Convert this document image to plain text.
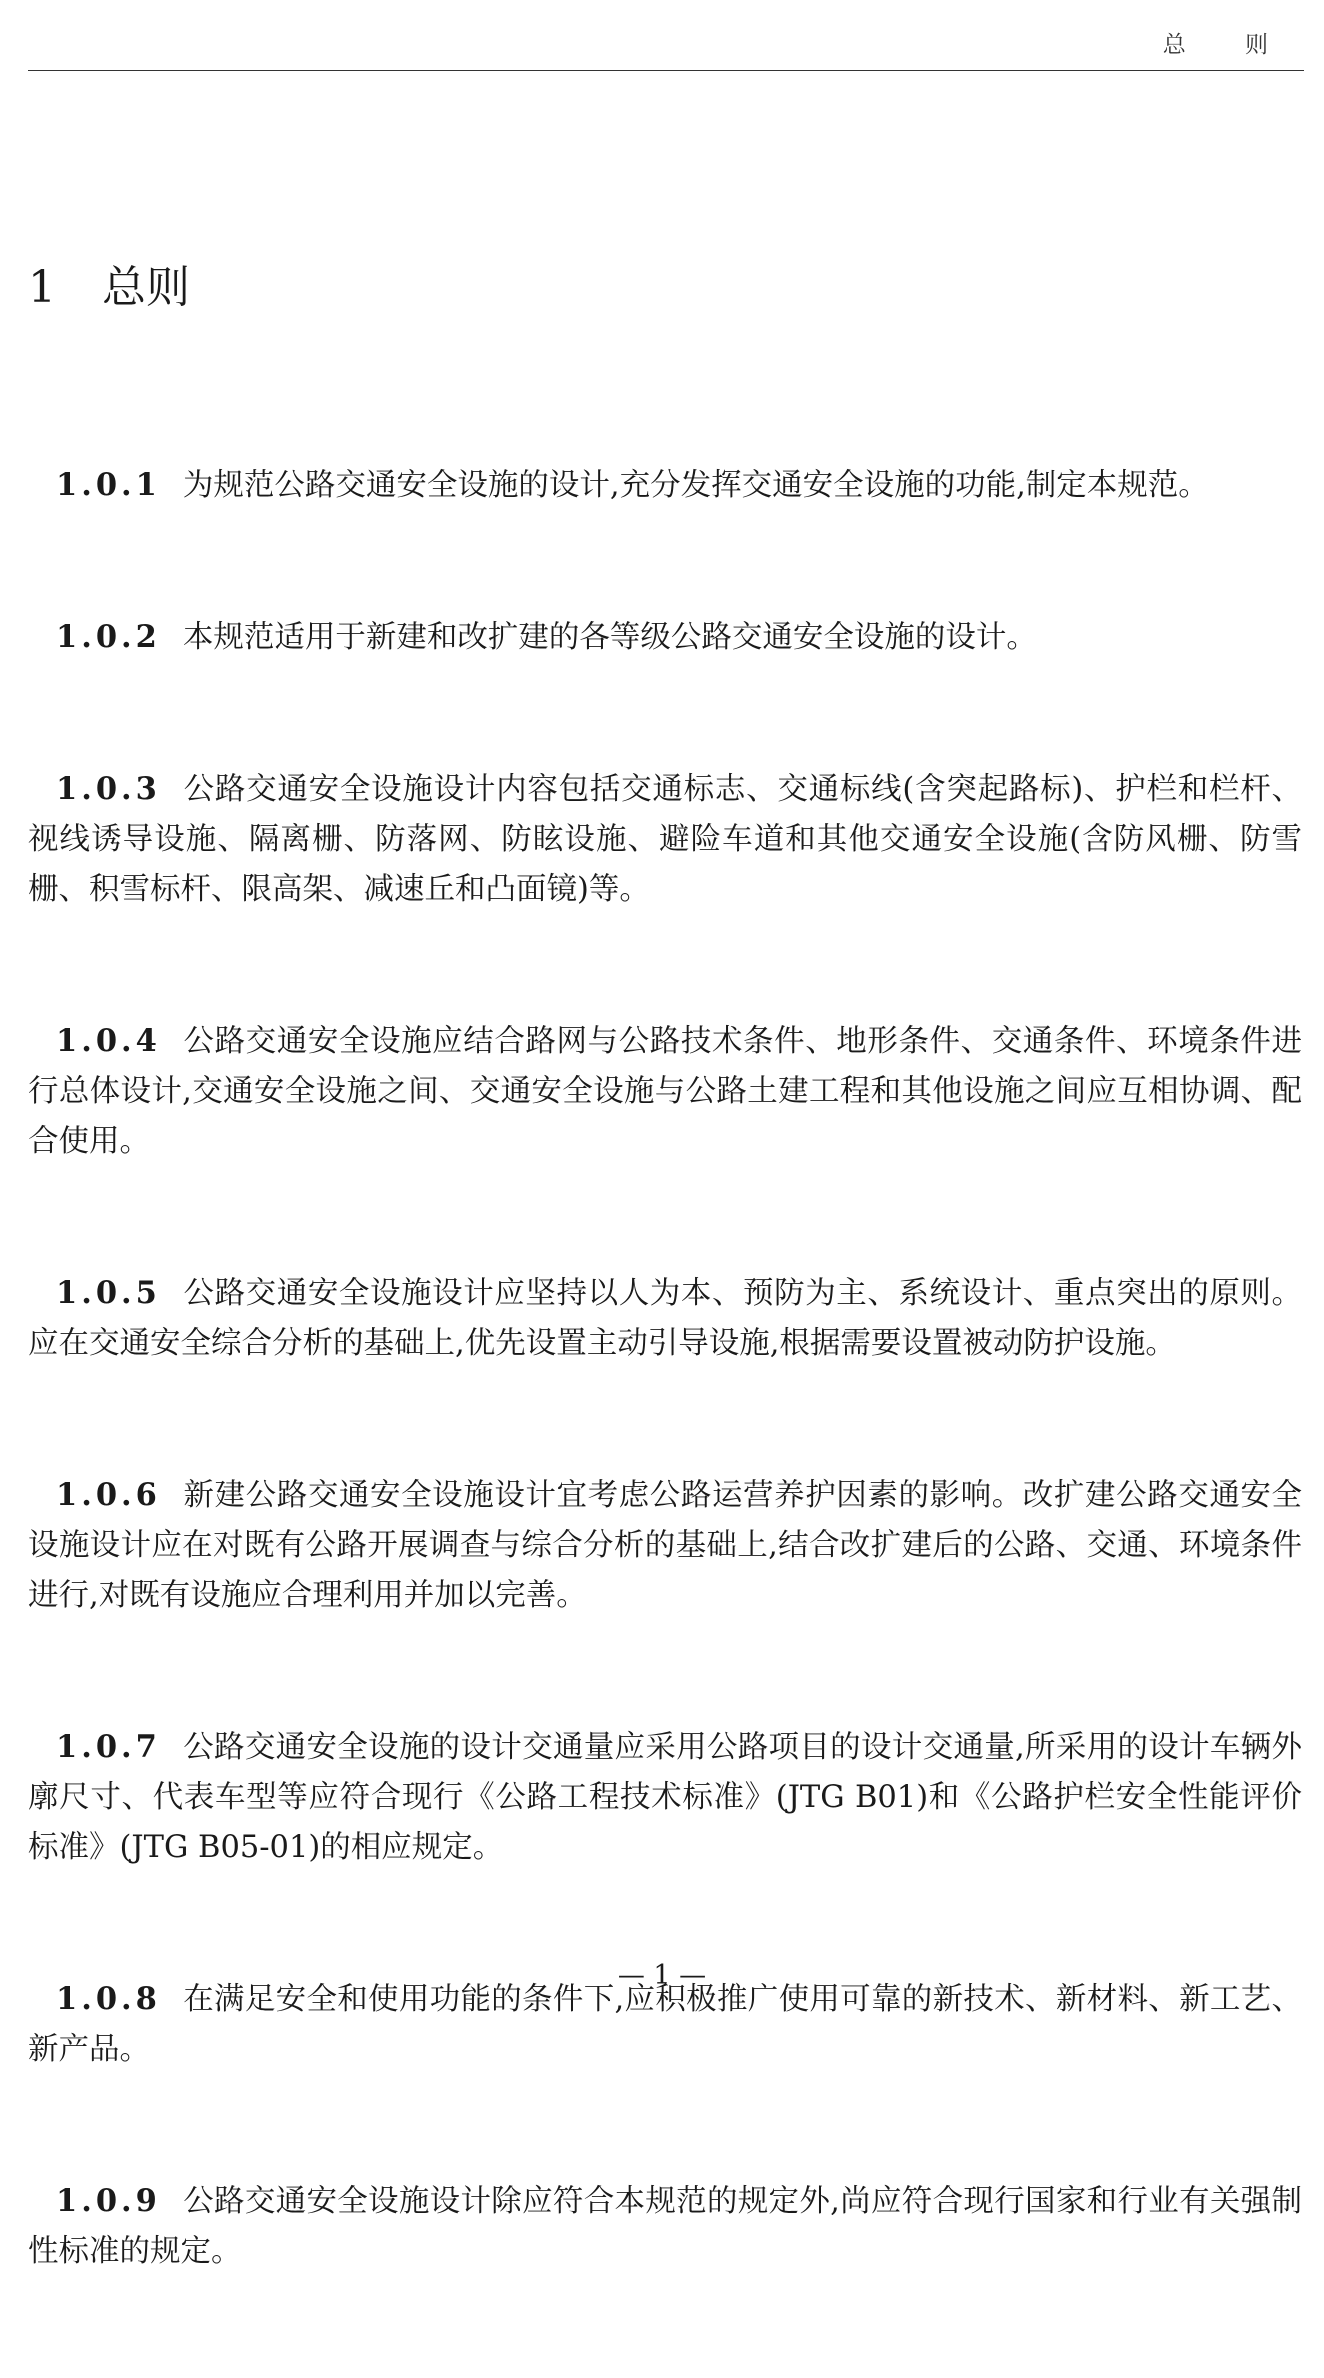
总 则
1 总则

1.0.1 为规范公路交通安全设施的设计,充分发挥交通安全设施的功能,制定本规范。

1.0.2 本规范适用于新建和改扩建的各等级公路交通安全设施的设计。

1.0.3 公路交通安全设施设计内容包括交通标志、交通标线(含突起路标)、护栏和栏杆、视线诱导设施、隔离栅、防落网、防眩设施、避险车道和其他交通安全设施(含防风栅、防雪栅、积雪标杆、限高架、减速丘和凸面镜)等。

1.0.4 公路交通安全设施应结合路网与公路技术条件、地形条件、交通条件、环境条件进行总体设计,交通安全设施之间、交通安全设施与公路土建工程和其他设施之间应互相协调、配合使用。

1.0.5 公路交通安全设施设计应坚持以人为本、预防为主、系统设计、重点突出的原则。应在交通安全综合分析的基础上,优先设置主动引导设施,根据需要设置被动防护设施。

1.0.6 新建公路交通安全设施设计宜考虑公路运营养护因素的影响。改扩建公路交通安全设施设计应在对既有公路开展调查与综合分析的基础上,结合改扩建后的公路、交通、环境条件进行,对既有设施应合理利用并加以完善。

1.0.7 公路交通安全设施的设计交通量应采用公路项目的设计交通量,所采用的设计车辆外廓尺寸、代表车型等应符合现行《公路工程技术标准》(JTG B01)和《公路护栏安全性能评价标准》(JTG B05-01)的相应规定。

1.0.8 在满足安全和使用功能的条件下,应积极推广使用可靠的新技术、新材料、新工艺、新产品。

1.0.9 公路交通安全设施设计除应符合本规范的规定外,尚应符合现行国家和行业有关强制性标准的规定。

— 1 —
